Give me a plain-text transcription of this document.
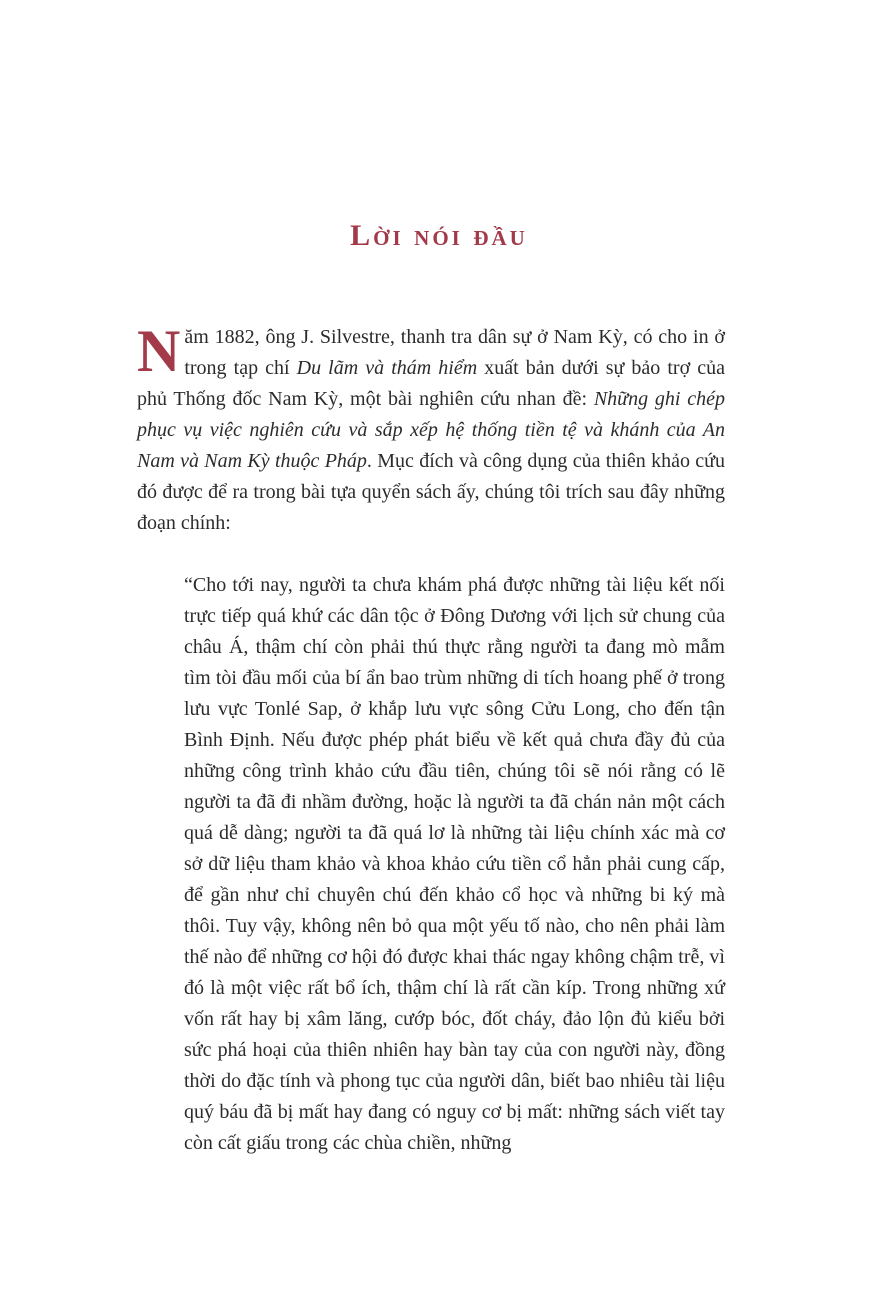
Lời nói đầu
Năm 1882, ông J. Silvestre, thanh tra dân sự ở Nam Kỳ, có cho in ở trong tạp chí Du lãm và thám hiểm xuất bản dưới sự bảo trợ của phủ Thống đốc Nam Kỳ, một bài nghiên cứu nhan đề: Những ghi chép phục vụ việc nghiên cứu và sắp xếp hệ thống tiền tệ và khánh của An Nam và Nam Kỳ thuộc Pháp. Mục đích và công dụng của thiên khảo cứu đó được để ra trong bài tựa quyển sách ấy, chúng tôi trích sau đây những đoạn chính:
“Cho tới nay, người ta chưa khám phá được những tài liệu kết nối trực tiếp quá khứ các dân tộc ở Đông Dương với lịch sử chung của châu Á, thậm chí còn phải thú thực rằng người ta đang mò mẫm tìm tòi đầu mối của bí ẩn bao trùm những di tích hoang phế ở trong lưu vực Tonlé Sap, ở khắp lưu vực sông Cửu Long, cho đến tận Bình Định. Nếu được phép phát biểu về kết quả chưa đầy đủ của những công trình khảo cứu đầu tiên, chúng tôi sẽ nói rằng có lẽ người ta đã đi nhầm đường, hoặc là người ta đã chán nản một cách quá dễ dàng; người ta đã quá lơ là những tài liệu chính xác mà cơ sở dữ liệu tham khảo và khoa khảo cứu tiền cổ hẳn phải cung cấp, để gần như chỉ chuyên chú đến khảo cổ học và những bi ký mà thôi. Tuy vậy, không nên bỏ qua một yếu tố nào, cho nên phải làm thế nào để những cơ hội đó được khai thác ngay không chậm trễ, vì đó là một việc rất bổ ích, thậm chí là rất cần kíp. Trong những xứ vốn rất hay bị xâm lăng, cướp bóc, đốt cháy, đảo lộn đủ kiểu bởi sức phá hoại của thiên nhiên hay bàn tay của con người này, đồng thời do đặc tính và phong tục của người dân, biết bao nhiêu tài liệu quý báu đã bị mất hay đang có nguy cơ bị mất: những sách viết tay còn cất giấu trong các chùa chiền, những
